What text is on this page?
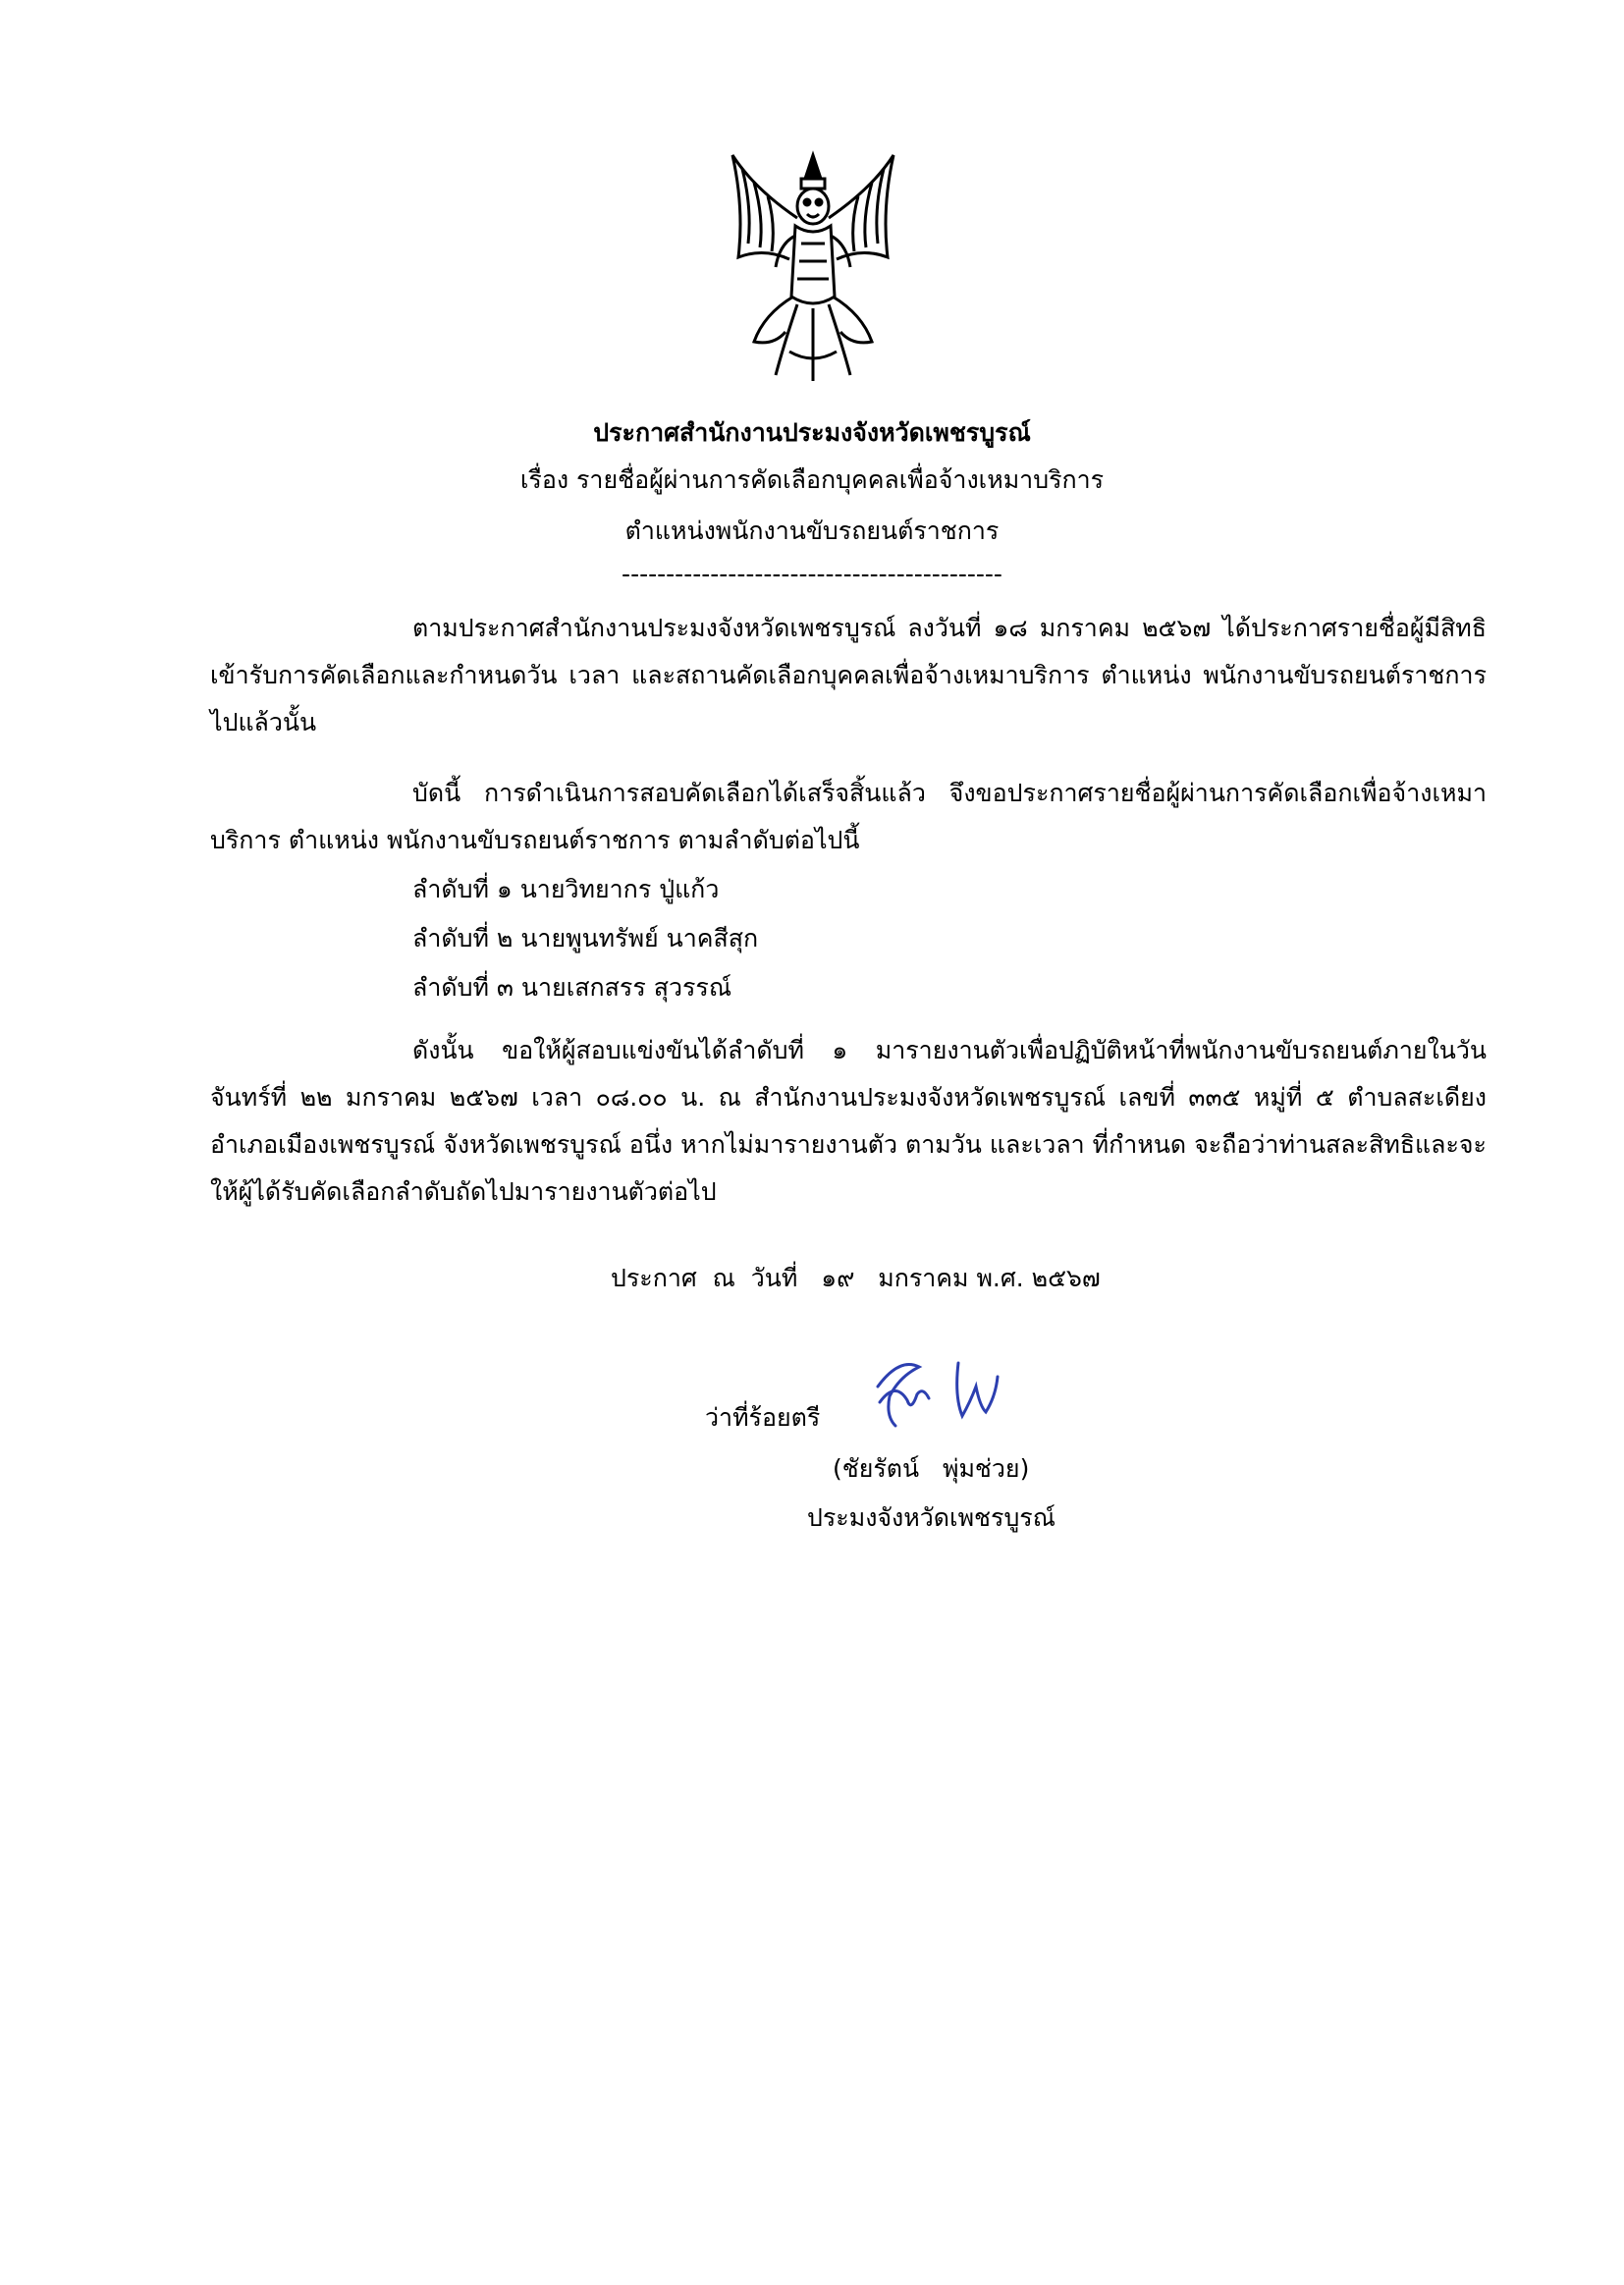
ประกาศสำนักงานประมงจังหวัดเพชรบูรณ์
เรื่อง รายชื่อผู้ผ่านการคัดเลือกบุคคลเพื่อจ้างเหมาบริการ
ตำแหน่งพนักงานขับรถยนต์ราชการ
-------------------------------------------
ตามประกาศสำนักงานประมงจังหวัดเพชรบูรณ์ ลงวันที่ ๑๘ มกราคม ๒๕๖๗ ได้ประกาศรายชื่อผู้มีสิทธิเข้ารับการคัดเลือกและกำหนดวัน เวลา และสถานคัดเลือกบุคคลเพื่อจ้างเหมาบริการ ตำแหน่ง พนักงานขับรถยนต์ราชการ ไปแล้วนั้น
บัดนี้ การดำเนินการสอบคัดเลือกได้เสร็จสิ้นแล้ว จึงขอประกาศรายชื่อผู้ผ่านการคัดเลือกเพื่อจ้างเหมาบริการ ตำแหน่ง พนักงานขับรถยนต์ราชการ ตามลำดับต่อไปนี้
ลำดับที่ ๑ นายวิทยากร ปู่แก้ว
ลำดับที่ ๒ นายพูนทรัพย์ นาคสีสุก
ลำดับที่ ๓ นายเสกสรร สุวรรณ์
ดังนั้น ขอให้ผู้สอบแข่งขันได้ลำดับที่ ๑ มารายงานตัวเพื่อปฏิบัติหน้าที่พนักงานขับรถยนต์ภายในวันจันทร์ที่ ๒๒ มกราคม ๒๕๖๗ เวลา ๐๘.๐๐ น. ณ สำนักงานประมงจังหวัดเพชรบูรณ์ เลขที่ ๓๓๕ หมู่ที่ ๕ ตำบลสะเดียง อำเภอเมืองเพชรบูรณ์ จังหวัดเพชรบูรณ์ อนึ่ง หากไม่มารายงานตัว ตามวัน และเวลา ที่กำหนด จะถือว่าท่านสละสิทธิและจะให้ผู้ได้รับคัดเลือกลำดับถัดไปมารายงานตัวต่อไป
ประกาศ  ณ  วันที่   ๑๙   มกราคม พ.ศ. ๒๕๖๗
ว่าที่ร้อยตรี
(ชัยรัตน์   พุ่มช่วย)
ประมงจังหวัดเพชรบูรณ์
